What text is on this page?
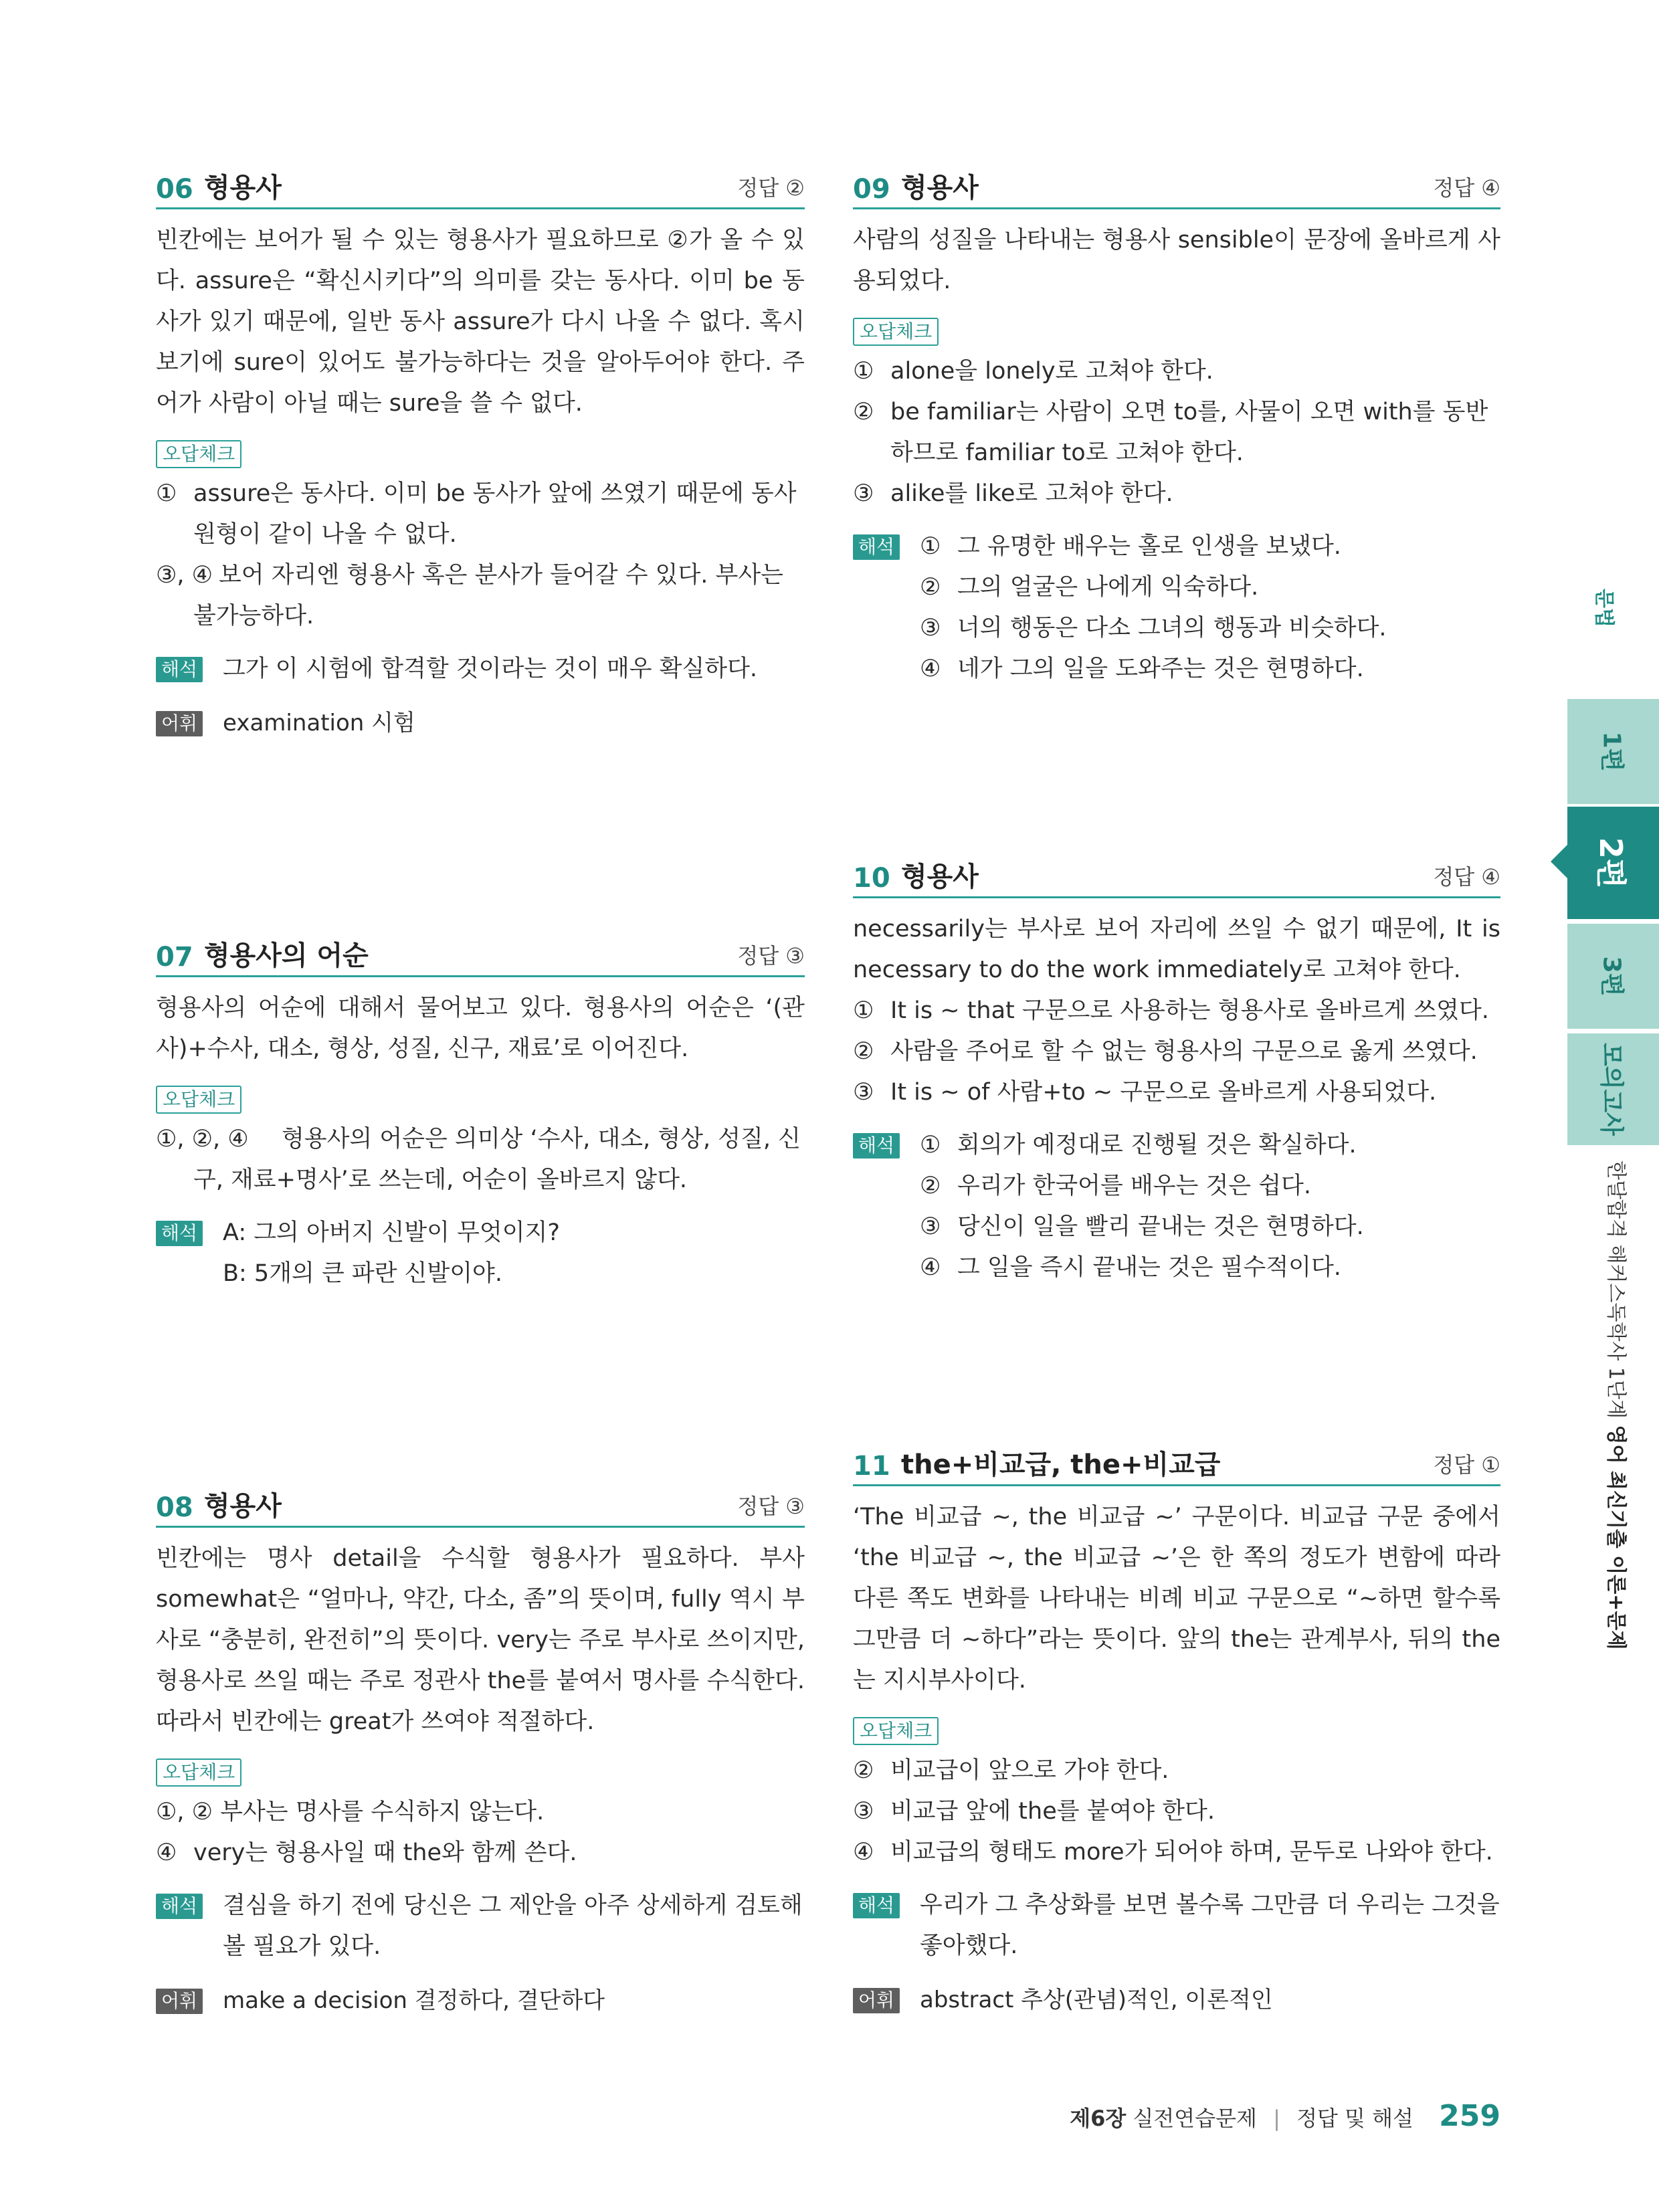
06 형용사	정답 ②

빈칸에는 보어가 될 수 있는 형용사가 필요하므로 ②가 올 수 있다. assure은 “확신시키다”의 의미를 갖는 동사다. 이미 be 동사가 있기 때문에, 일반 동사 assure가 다시 나올 수 없다. 혹시 보기에 sure이 있어도 불가능하다는 것을 알아두어야 한다. 주어가 사람이 아닐 때는 sure을 쓸 수 없다.

오답체크
① assure은 동사다. 이미 be 동사가 앞에 쓰였기 때문에 동사원형이 같이 나올 수 없다.
③, ④ 보어 자리엔 형용사 혹은 분사가 들어갈 수 있다. 부사는 불가능하다.
해석	그가 이 시험에 합격할 것이라는 것이 매우 확실하다.
어휘	examination 시험
07 형용사의 어순	정답 ③

형용사의 어순에 대해서 물어보고 있다. 형용사의 어순은 ‘(관사)+수사, 대소, 형상, 성질, 신구, 재료’로 이어진다.

오답체크
①, ②, ④ 형용사의 어순은 의미상 ‘수사, 대소, 형상, 성질, 신구, 재료+명사’로 쓰는데, 어순이 올바르지 않다.
해석	A: 그의 아버지 신발이 무엇이지?
B: 5개의 큰 파란 신발이야.
08 형용사	정답 ③

빈칸에는 명사 detail을 수식할 형용사가 필요하다. 부사 somewhat은 “얼마나, 약간, 다소, 좀”의 뜻이며, fully 역시 부사로 “충분히, 완전히”의 뜻이다. very는 주로 부사로 쓰이지만, 형용사로 쓰일 때는 주로 정관사 the를 붙여서 명사를 수식한다. 따라서 빈칸에는 great가 쓰여야 적절하다.

오답체크
①, ② 부사는 명사를 수식하지 않는다.
④ very는 형용사일 때 the와 함께 쓴다.
해석	결심을 하기 전에 당신은 그 제안을 아주 상세하게 검토해 볼 필요가 있다.
어휘	make a decision 결정하다, 결단하다
09 형용사	정답 ④

사람의 성질을 나타내는 형용사 sensible이 문장에 올바르게 사용되었다.

오답체크
① alone을 lonely로 고쳐야 한다.
② be familiar는 사람이 오면 to를, 사물이 오면 with를 동반하므로 familiar to로 고쳐야 한다.
③ alike를 like로 고쳐야 한다.
해석 ① 그 유명한 배우는 홀로 인생을 보냈다.
② 그의 얼굴은 나에게 익숙하다.
③ 너의 행동은 다소 그녀의 행동과 비슷하다.
④ 네가 그의 일을 도와주는 것은 현명하다.
10 형용사	정답 ④

necessarily는 부사로 보어 자리에 쓰일 수 없기 때문에, It is necessary to do the work immediately로 고쳐야 한다.

① It is ~ that 구문으로 사용하는 형용사로 올바르게 쓰였다.
② 사람을 주어로 할 수 없는 형용사의 구문으로 옳게 쓰였다.
③ It is ~ of 사람+to ~ 구문으로 올바르게 사용되었다.
해석 ① 회의가 예정대로 진행될 것은 확실하다.
② 우리가 한국어를 배우는 것은 쉽다.
③ 당신이 일을 빨리 끝내는 것은 현명하다.
④ 그 일을 즉시 끝내는 것은 필수적이다.
11 the+비교급, the+비교급	정답 ①

‘The 비교급 ~, the 비교급 ~’ 구문이다. 비교급 구문 중에서 ‘the 비교급 ~, the 비교급 ~’은 한 쪽의 정도가 변함에 따라 다른 쪽도 변화를 나타내는 비례 비교 구문으로 “~하면 할수록 그만큼 더 ~하다”라는 뜻이다. 앞의 the는 관계부사, 뒤의 the는 지시부사이다.

오답체크
② 비교급이 앞으로 가야 한다.
③ 비교급 앞에 the를 붙여야 한다.
④ 비교급의 형태도 more가 되어야 하며, 문두로 나와야 한다.
해석	우리가 그 추상화를 보면 볼수록 그만큼 더 우리는 그것을 좋아했다.
어휘	abstract 추상(관념)적인, 이론적인
문법
1편
2편
3편
모의고사
한달합격 해커스독학사 1단계 영어 최신기출 이론+문제
제6장 실전연습문제 | 정답 및 해설 259
